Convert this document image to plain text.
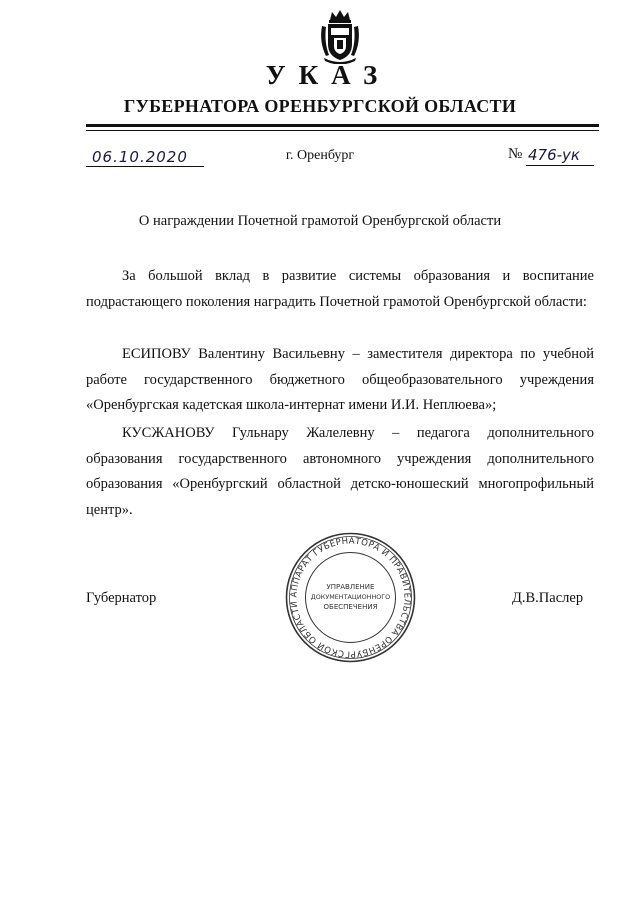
УКАЗ
ГУБЕРНАТОРА ОРЕНБУРГСКОЙ ОБЛАСТИ
06.10.2020	г. Оренбург	№ 476-ук
О награждении Почетной грамотой Оренбургской области

За большой вклад в развитие системы образования и воспитание подрастающего поколения наградить Почетной грамотой Оренбургской области:

ЕСИПОВУ Валентину Васильевну – заместителя директора по учебной работе государственного бюджетного общеобразовательного учреждения «Оренбургская кадетская школа-интернат имени И.И. Неплюева»;

КУСЖАНОВУ Гульнару Жалелевну – педагога дополнительного образования государственного автономного учреждения дополнительного образования «Оренбургский областной детско-юношеский многопрофильный центр».

Губернатор	Д.В.Паслер
АППАРАТ ГУБЕРНАТОРА И ПРАВИТЕЛЬСТВА ОРЕНБУРГСКОЙ ОБЛАСТИ
УПРАВЛЕНИЕ
ДОКУМЕНТАЦИОННОГО
ОБЕСПЕЧЕНИЯ
